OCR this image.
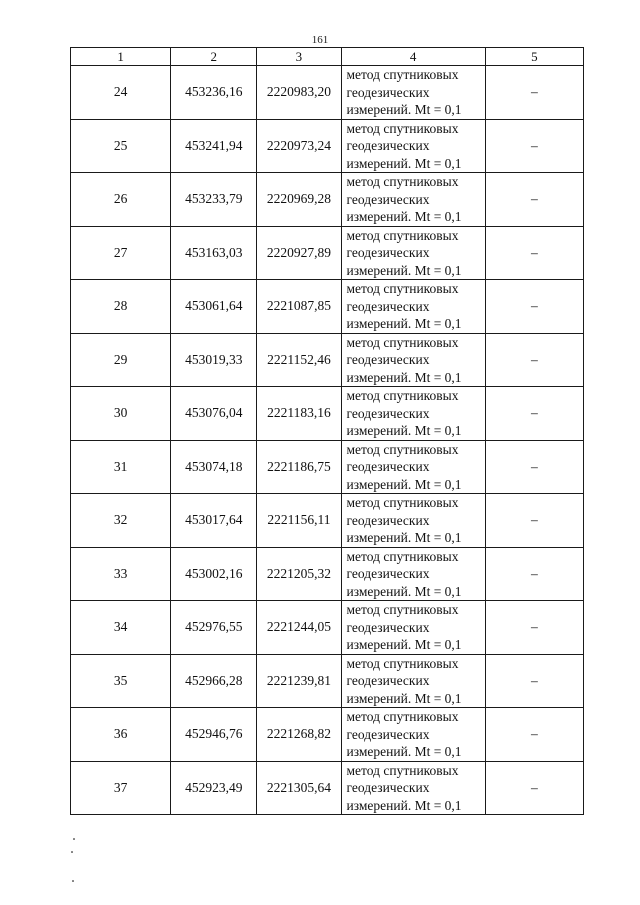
161
1	2	3	4	5
24	453236,16	2220983,20	метод спутниковых
геодезических
измерений. Mt = 0,1	–
25	453241,94	2220973,24	метод спутниковых
геодезических
измерений. Mt = 0,1	–
26	453233,79	2220969,28	метод спутниковых
геодезических
измерений. Mt = 0,1	–
27	453163,03	2220927,89	метод спутниковых
геодезических
измерений. Mt = 0,1	–
28	453061,64	2221087,85	метод спутниковых
геодезических
измерений. Mt = 0,1	–
29	453019,33	2221152,46	метод спутниковых
геодезических
измерений. Mt = 0,1	–
30	453076,04	2221183,16	метод спутниковых
геодезических
измерений. Mt = 0,1	–
31	453074,18	2221186,75	метод спутниковых
геодезических
измерений. Mt = 0,1	–
32	453017,64	2221156,11	метод спутниковых
геодезических
измерений. Mt = 0,1	–
33	453002,16	2221205,32	метод спутниковых
геодезических
измерений. Mt = 0,1	–
34	452976,55	2221244,05	метод спутниковых
геодезических
измерений. Mt = 0,1	–
35	452966,28	2221239,81	метод спутниковых
геодезических
измерений. Mt = 0,1	–
36	452946,76	2221268,82	метод спутниковых
геодезических
измерений. Mt = 0,1	–
37	452923,49	2221305,64	метод спутниковых
геодезических
измерений. Mt = 0,1	–
